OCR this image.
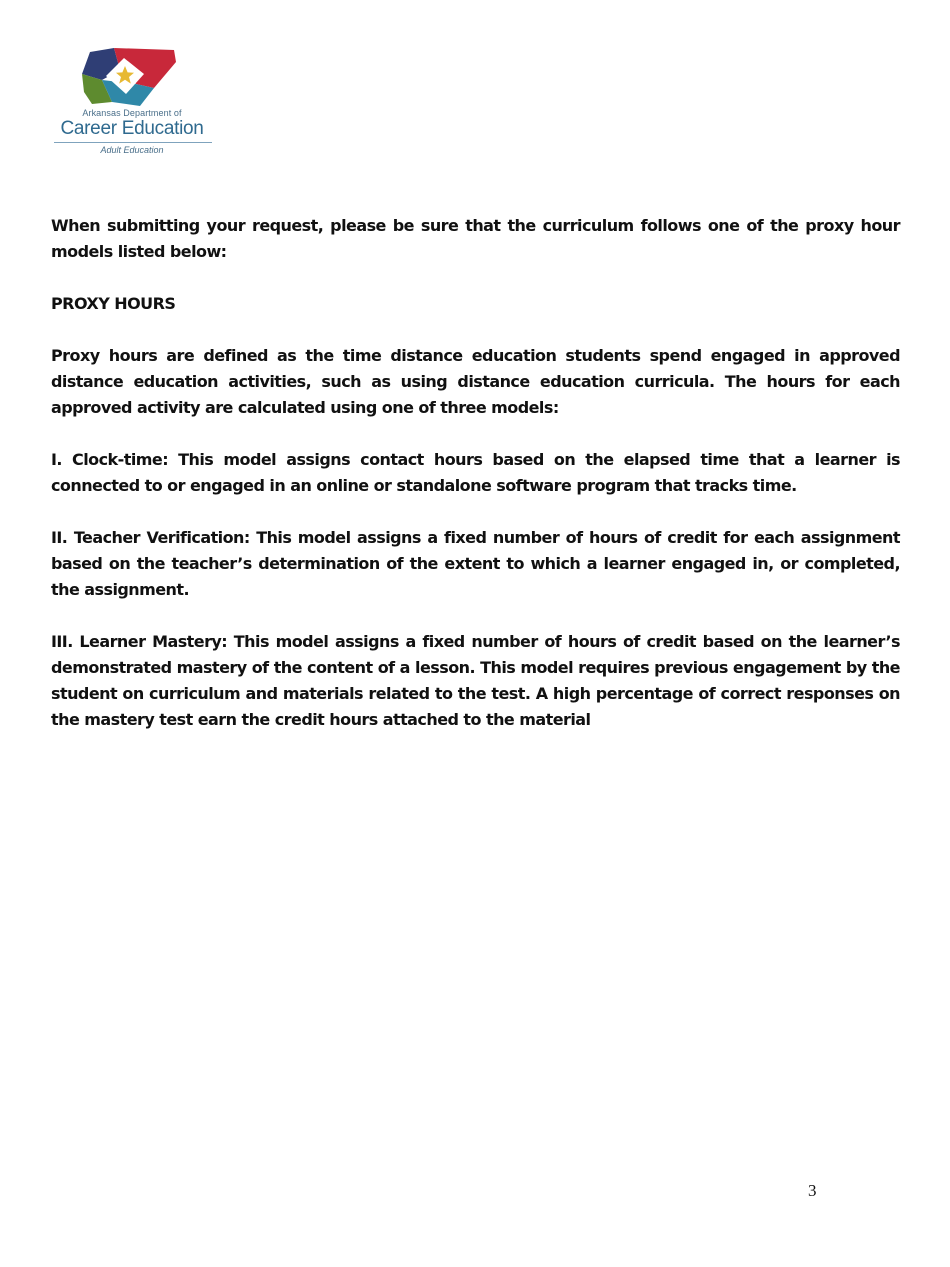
Arkansas Department of
Career Education
Adult Education

When submitting your request, please be sure that the curriculum follows one of the proxy hour models listed below:

PROXY HOURS

Proxy hours are defined as the time distance education students spend engaged in approved distance education activities, such as using distance education curricula. The hours for each approved activity are calculated using one of three models:

I. Clock-time: This model assigns contact hours based on the elapsed time that a learner is connected to or engaged in an online or standalone software program that tracks time.

II. Teacher Verification: This model assigns a fixed number of hours of credit for each assignment based on the teacher’s determination of the extent to which a learner engaged in, or completed, the assignment.

III. Learner Mastery: This model assigns a fixed number of hours of credit based on the learner’s demonstrated mastery of the content of a lesson. This model requires previous engagement by the student on curriculum and materials related to the test. A high percentage of correct responses on the mastery test earn the credit hours attached to the material

3
